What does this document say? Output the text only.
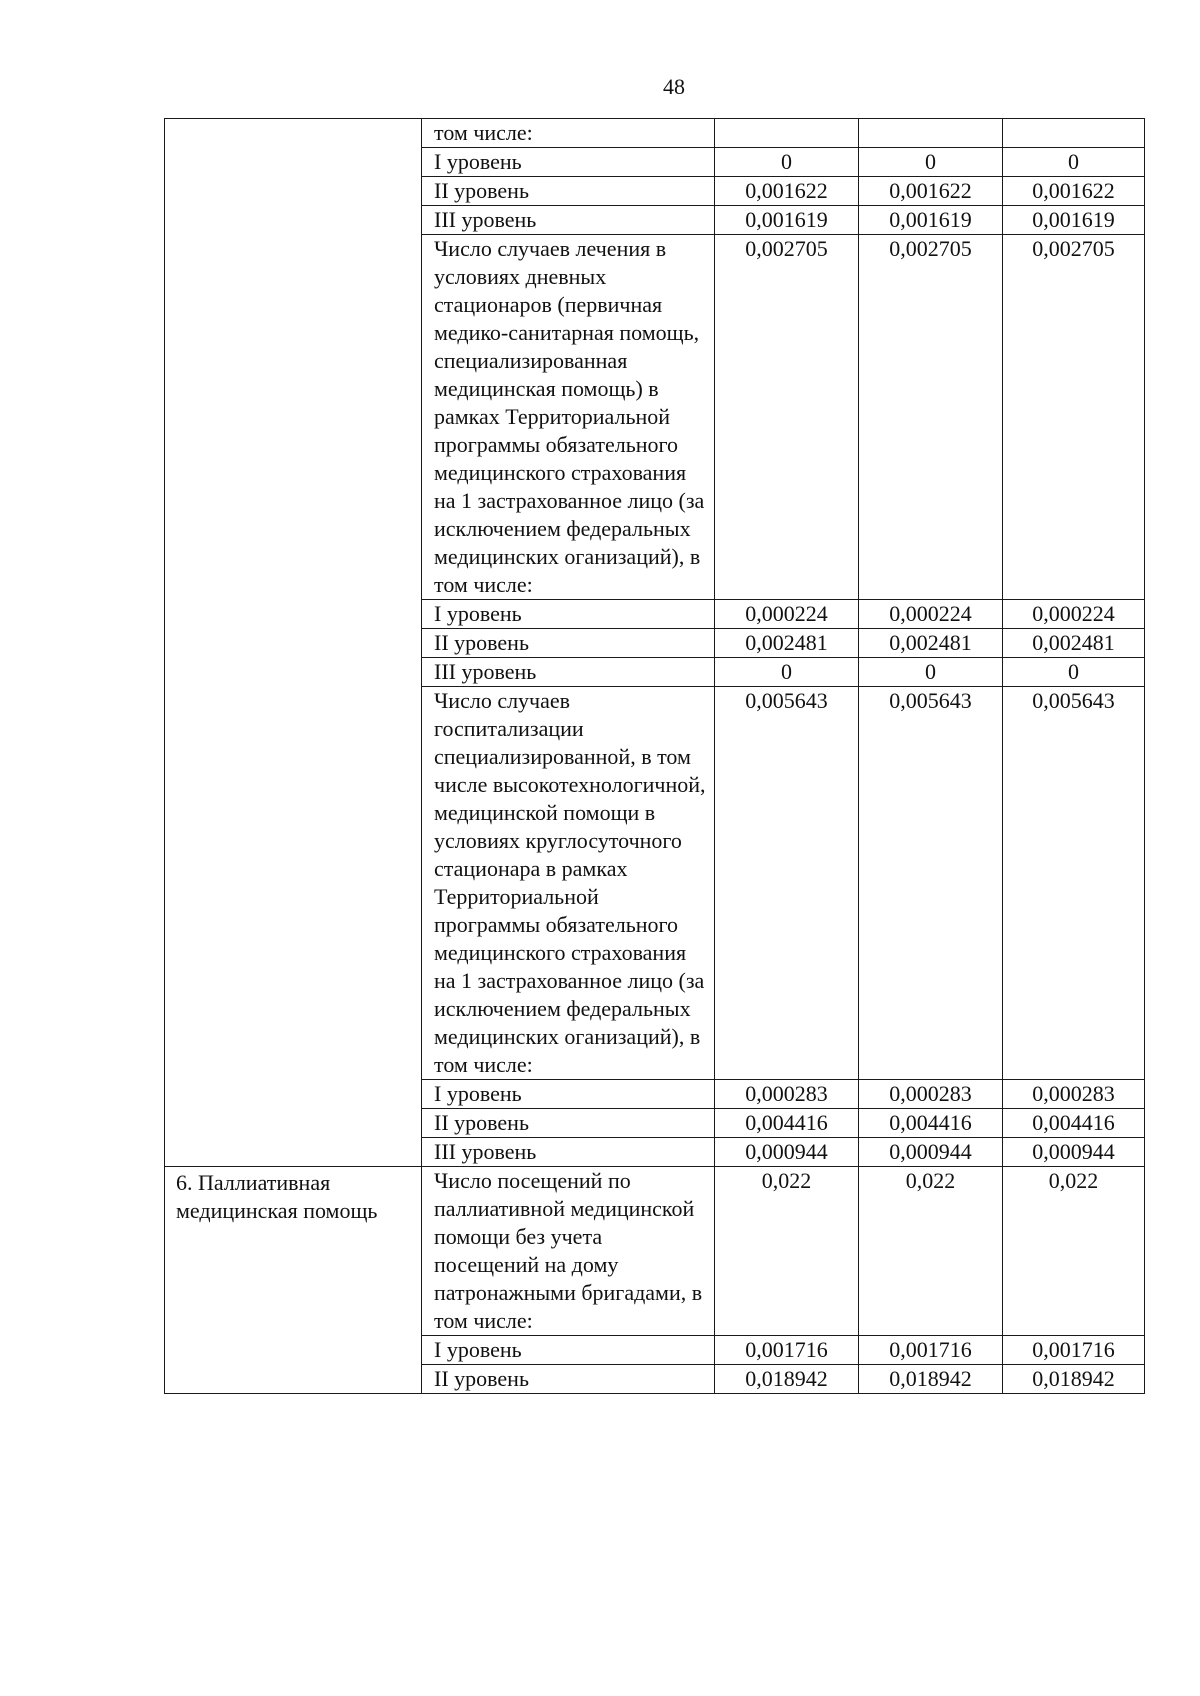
48
	том числе:			
	I уровень	0	0	0
	II уровень	0,001622	0,001622	0,001622
	III уровень	0,001619	0,001619	0,001619
	Число случаев лечения в условиях дневных стационаров (первичная медико-санитарная помощь, специализированная медицинская помощь) в рамках Территориальной программы обязательного медицинского страхования на 1 застрахованное лицо (за исключением федеральных медицинских оганизаций), в том числе:	0,002705	0,002705	0,002705
	I уровень	0,000224	0,000224	0,000224
	II уровень	0,002481	0,002481	0,002481
	III уровень	0	0	0
	Число случаев госпитализации специализированной, в том числе высокотехнологичной, медицинской помощи в условиях круглосуточного стационара в рамках Территориальной программы обязательного медицинского страхования на 1 застрахованное лицо (за исключением федеральных медицинских оганизаций), в том числе:	0,005643	0,005643	0,005643
	I уровень	0,000283	0,000283	0,000283
	II уровень	0,004416	0,004416	0,004416
	III уровень	0,000944	0,000944	0,000944
6. Паллиативная медицинская помощь	Число посещений по паллиативной медицинской помощи без учета посещений на дому патронажными бригадами, в том числе:	0,022	0,022	0,022
	I уровень	0,001716	0,001716	0,001716
	II уровень	0,018942	0,018942	0,018942
